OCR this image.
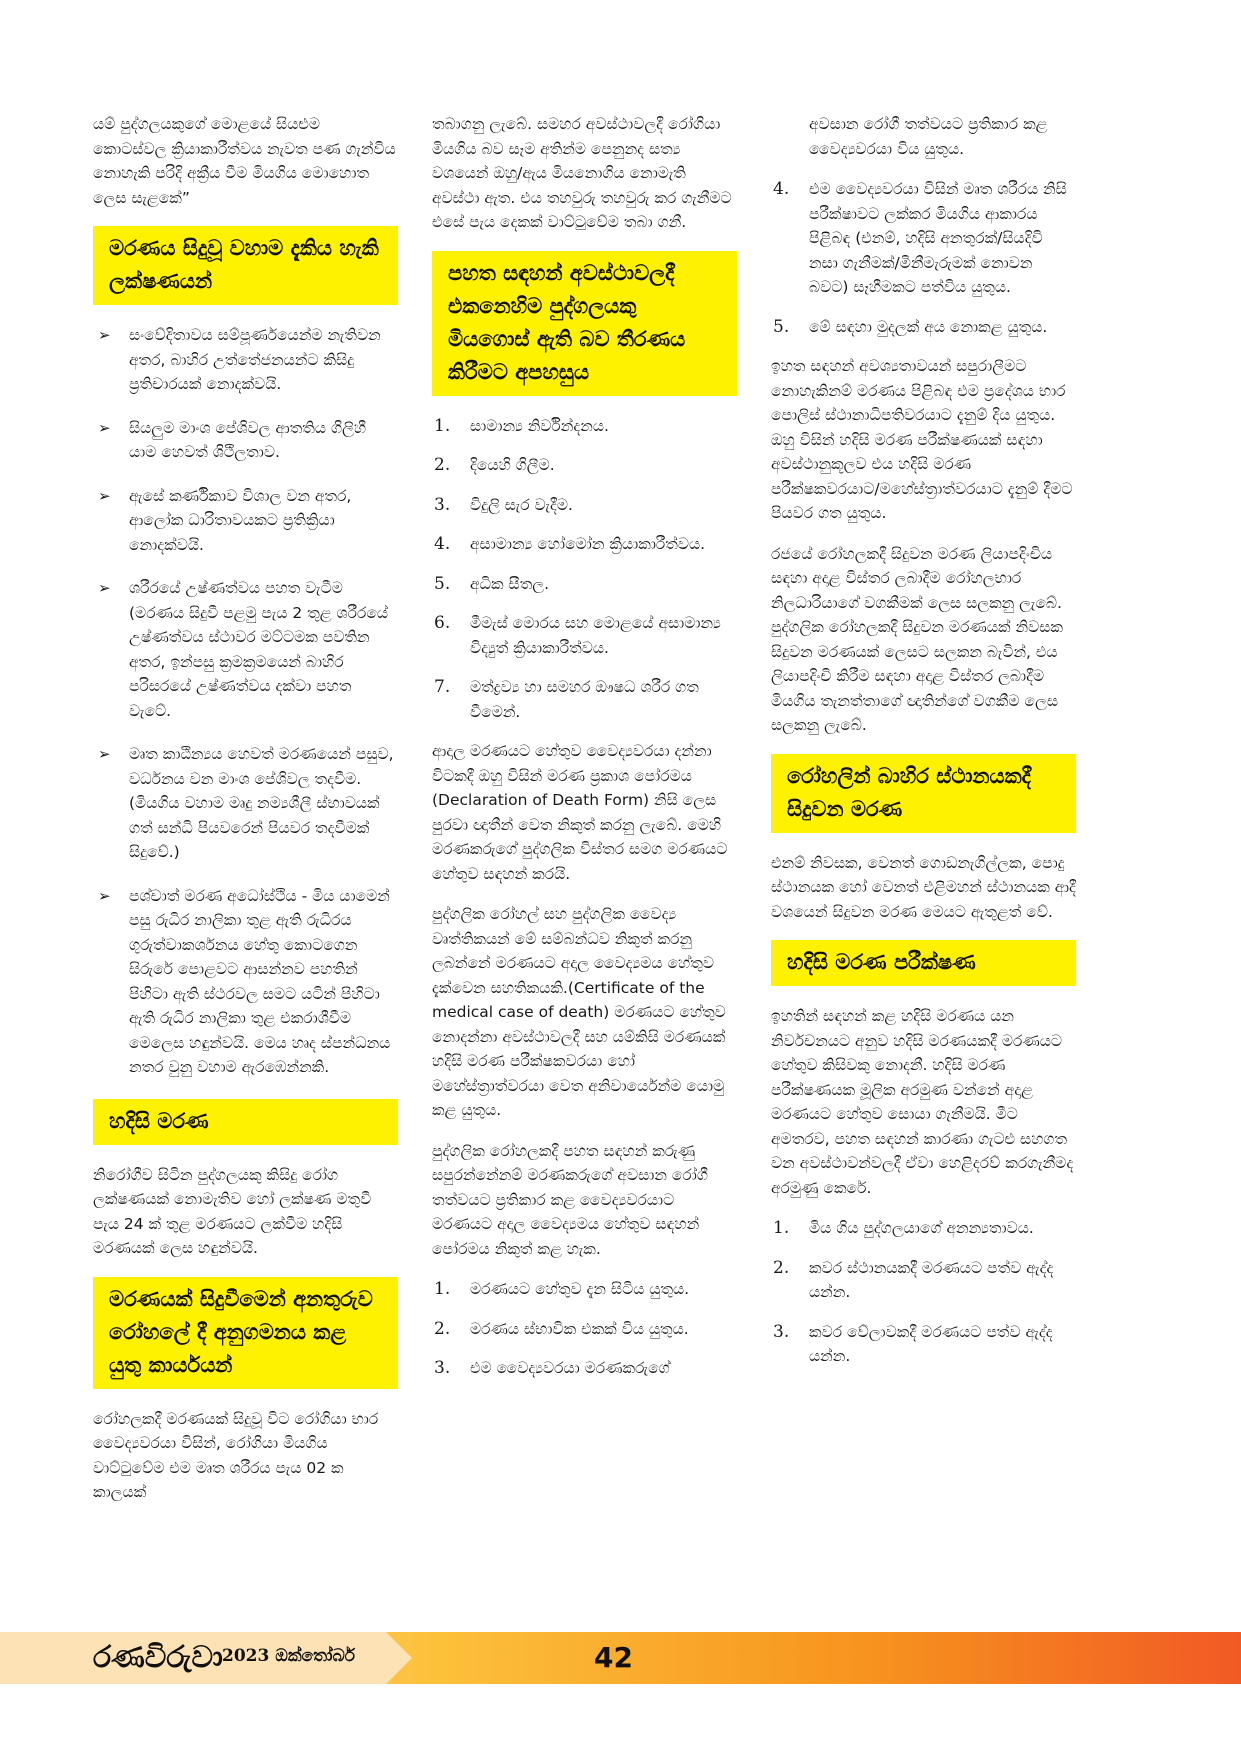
යම් පුද්ගලයකුගේ මොළයේ සියළුම කොටස්වල ක්‍රියාකාරීත්වය නැවත පණ ගැන්විය නොහැකි පරිදි අක්‍රීය වීම මියගිය මොහොත ලෙස සැළකේ”

මරණය සිදුවූ වහාම දැකිය හැකි ලක්ෂණයන්
➢ සංවේදිතාවය සම්පූර්ණයෙන්ම නැතිවන අතර, බාහිර උත්තේජනයන්ට කිසිදු ප්‍රතිචාරයක් නොදක්වයි.
➢ සියලුම මාංශ පේශිවල ආතතිය ගිලිහී යාම හෙවත් ශිථිලතාව.
➢ ඇසේ කර්ණිකාව විශාල වන අතර, ආලෝක ධාරිතාවයකට ප්‍රතික්‍රියා නොදක්වයි.
➢ ශරීරයේ උෂ්ණත්වය පහත වැටීම (මරණය සිදුවී පළමු පැය 2 තුළ ශරීරයේ උෂ්ණත්වය ස්ථාවර මට්ටමක පවතින අතර, ඉන්පසු ක්‍රමක්‍රමයෙන් බාහිර පරිසරයේ උෂ්ණත්වය දක්වා පහත වැටේ.
➢ මෘත කාඨින්‍යය හෙවත් මරණයෙන් පසුව, වර්ධනය වන මාංශ පේශිවල තදවීම. (මියගිය වහාම මෘදු නම්‍යශීලී ස්භාවයක් ගත් සන්ධි පියවරෙන් පියවර තදවීමක් සිදුවේ.)
➢ පශ්චාත් මරණ අධෝස්ථිය - මිය යාමෙන් පසු රුධිර නාලිකා තුළ ඇති රුධිරය ගුරුත්වාකර්ශනය හේතු කොටගෙන සිරුරේ පොළවට ආසන්නව පහතින් පිහිටා ඇති ස්ථරවල සමට යටින් පිහිටා ඇති රුධිර නාලිකා තුළ එකරාශීවීම මෙලෙස හඳුන්වයි. මෙය හෘද ස්පන්ධනය නතර වුනු වහාම ඇරඹෙන්නකි.
හදිසි මරණ

නිරෝගීව සිටින පුද්ගලයකු කිසිදු රෝග ලක්ෂණයක් නොමැතිව හෝ ලක්ෂණ මතුවී පැය 24 ක් තුළ මරණයට ලක්වීම හදිසි මරණයක් ලෙස හඳුන්වයි.

මරණයක් සිදුවීමෙන් අනතුරුව රෝහලේ දී අනුගමනය කළ යුතු කාර්යයන්

රෝහලකදී මරණයක් සිදුවූ විට රෝගියා භාර වෛද්‍යවරයා විසින්, රෝගියා මියගිය වාට්ටුවේම එම මෘත ශරීරය පැය 02 ක කාලයක්

තබාගනු ලැබේ. සමහර අවස්ථාවලදී රෝගියා මියගිය බව සෑම අතින්ම පෙනුනද සත්‍ය වශයෙන් ඔහු/ඇය මියනොගිය නොමැති අවස්ථා ඇත. එය තහවුරු තහවුරු කර ගැනීමට එසේ පැය දෙකක් වාට්ටුවේම තබා ගනී.

පහත සඳහන් අවස්ථාවලදී එකනෙහිම පුද්ගලයකු මියගොස් ඇති බව තීරණය කිරීමට අපහසුය
1. සාමාන්‍ය නිර්වින්දනය.
2. දියෙහි ගිලීම.
3. විදුලි සැර වැදීම.
4. අසාමාන්‍ය හෝමෝන ක්‍රියාකාරීත්වය.
5. අධික සීතල.
6. මීමැස් මොරය සහ මොළයේ අසාමාන්‍ය විද්‍යුත් ක්‍රියාකාරීත්වය.
7. මත්ද්‍රව්‍ය හා සමහර ඖෂධ ශරීර ගත වීමෙන්.

ආදාල මරණයට හේතුව වෛද්‍යවරයා දන්නා විටකදී ඔහු විසින් මරණ ප්‍රකාශ පෝරමය (Declaration of Death Form) නිසි ලෙස පුරවා ඥාතීන් වෙත නිකුත් කරනු ලැබේ. මෙහි මරණකරුගේ පුද්ගලික විස්තර සමග මරණයට හේතුව සඳහන් කරයි.

පුද්ගලික රෝහල් සහ පුද්ගලික වෛද්‍ය වෘත්තිකයන් මේ සම්බන්ධව නිකුත් කරනු ලබන්නේ මරණයට අදාල වෛද්‍යමය හේතුව දැක්වෙන සහතිකයකි.(Certificate of the medical case of death) මරණයට හේතුව නොදන්නා අවස්ථාවලදී සහ යම්කිසි මරණයක් හදිසි මරණ පරීක්ෂකවරයා හෝ මහේස්ත්‍රාත්වරයා වෙත අනිවාර්යෙන්ම යොමු කළ යුතුය.

පුද්ගලික රෝහලකදී පහත සඳහන් කරුණු සපුරන්නේනම් මරණකරුගේ අවසාන රෝගී තත්වයට ප්‍රතිකාර කළ වෛද්‍යවරයාට මරණයට අදාල වෛද්‍යමය හේතුව සඳහන් පෝරමය නිකුත් කළ හැක.

1. මරණයට හේතුව දැන සිටිය යුතුය.
2. මරණය ස්භාවික එකක් විය යුතුය.
3. එම වෛද්‍යවරයා මරණකරුගේ

අවසාන රෝගී තත්වයට ප්‍රතිකාර කළ වෛද්‍යවරයා විය යුතුය.

4. එම වෛද්‍යවරයා විසින් මෘත ශරීරය නිසි පරීක්ෂාවට ලක්කර මියගිය ආකාරය පිළිබඳ (එනම්, හදිසි අනතුරක්/සියදිවි නසා ගැනීමක්/මිනීමැරුමක් නොවන බවට) සෑහීමකට පත්විය යුතුය.
5. මේ සඳහා මුදලක් අය නොකළ යුතුය.

ඉහත සඳහන් අවශ්‍යතාවයන් සපුරාලීමට නොහැකිනම් මරණය පිළිබඳ එම ප්‍රදේශය භාර පොලිස් ස්ථානාධිපතිවරයාට දැනුම් දිය යුතුය. ඔහු විසින් හදිසි මරණ පරීක්ෂණයක් සඳහා අවස්ථානුකූලව එය හදිසි මරණ පරීක්ෂකවරයාට/මහේස්ත්‍රාත්වරයාට දැනුම් දීමට පියවර ගත යුතුය.

රජයේ රෝහලකදී සිදුවන මරණ ලියාපදිංචිය සඳහා අදාළ විස්තර ලබාදීම රෝහලභාර නිලධාරියාගේ වගකීමක් ලෙස සලකනු ලැබේ. පුද්ගලික රෝහලකදී සිදුවන මරණයක් නිවසක සිදුවන මරණයක් ලෙසට සලකන බැවින්, එය ලියාපදිංචි කිරීම සඳහා අදාළ විස්තර ලබාදීම මියගිය තැනත්තාගේ ඥාතින්ගේ වගකීම ලෙස සලකනු ලැබේ.

රෝහලින් බාහිර ස්ථානයකදී සිදුවන මරණ

එනම් නිවසක, වෙනත් ගොඩනැගිල්ලක, පොදු ස්ථානයක හෝ වෙනත් එළිමහන් ස්ථානයක ආදී වශයෙන් සිදුවන මරණ මෙයට ඇතුළත් වේ.

හදිසි මරණ පරීක්ෂණ

ඉහතින් සඳහන් කළ හදිසි මරණය යන නිර්වචනයට අනුව හදිසි මරණයකදී මරණයට හේතුව කිසිවකු නොදනී. හදිසි මරණ පරීක්ෂණයක මූලික අරමුණ වන්නේ අදාළ මරණයට හේතුව සොයා ගැනීමයි. මීට අමතරව, පහත සඳහන් කාරණා ගැටළු සහගත වන අවස්ථාවන්වලදී ඒවා හෙළිදරව් කරගැනීමද අරමුණු කෙරේ.

1. මිය ගිය පුද්ගලයාගේ අනන්‍යතාවය.
2. කවර ස්ථානයකදී මරණයට පත්ව ඇද්ද යන්න.
3. කවර වේලාවකදී මරණයට පත්ව ඇද්ද යන්න.
රණවිරුවා 2023 ඔක්තෝබර්	42
